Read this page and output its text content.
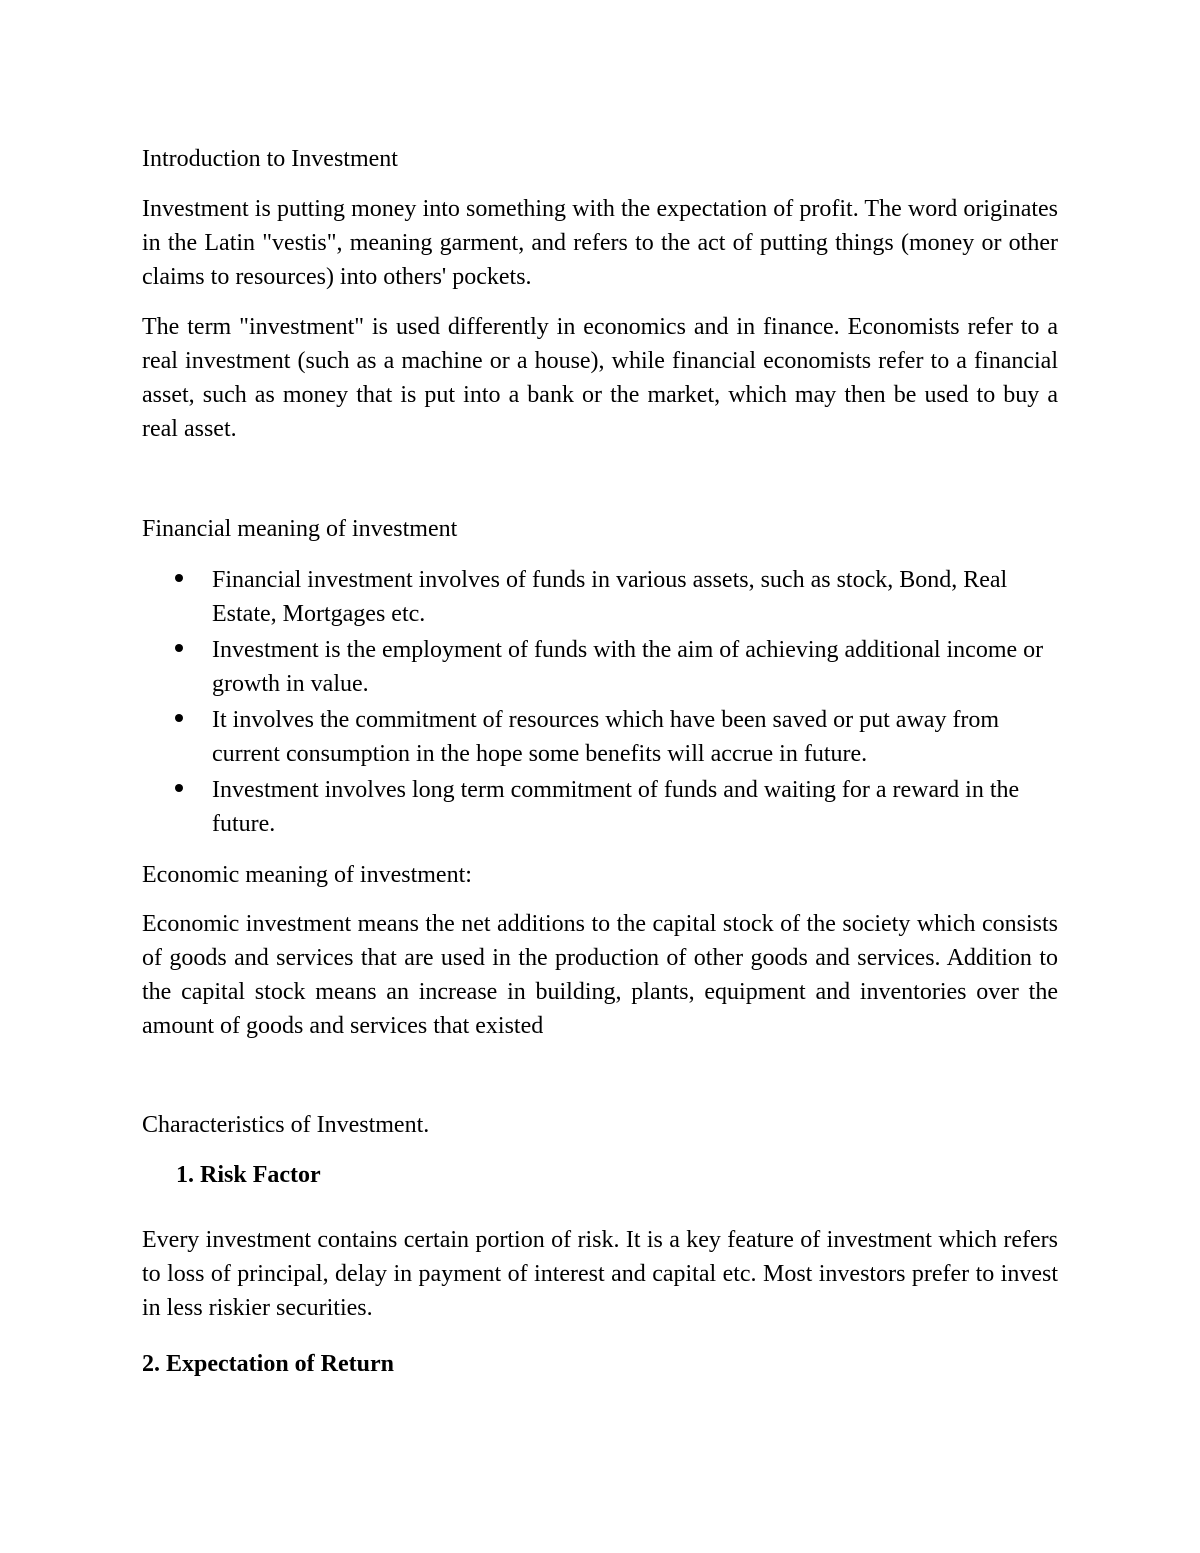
Introduction to Investment

Investment is putting money into something with the expectation of profit. The word originates in the Latin "vestis", meaning garment, and refers to the act of putting things (money or other claims to resources) into others' pockets.

The term "investment" is used differently in economics and in finance. Economists refer to a real investment (such as a machine or a house), while financial economists refer to a financial asset, such as money that is put into a bank or the market, which may then be used to buy a real asset.

Financial meaning of investment

Financial investment involves of funds in various assets, such as stock, Bond, Real Estate, Mortgages etc.
Investment is the employment of funds with the aim of achieving additional income or growth in value.
It involves the commitment of resources which have been saved or put away from current consumption in the hope some benefits will accrue in future.
Investment involves long term commitment of funds and waiting for a reward in the future.

Economic meaning of investment:

Economic investment means the net additions to the capital stock of the society which consists of goods and services that are used in the production of other goods and services. Addition to the capital stock means an increase in building, plants, equipment and inventories over the amount of goods and services that existed

Characteristics of Investment.

1. Risk Factor

Every investment contains certain portion of risk. It is a key feature of investment which refers to loss of principal, delay in payment of interest and capital etc. Most investors prefer to invest in less riskier securities.

2. Expectation of Return
